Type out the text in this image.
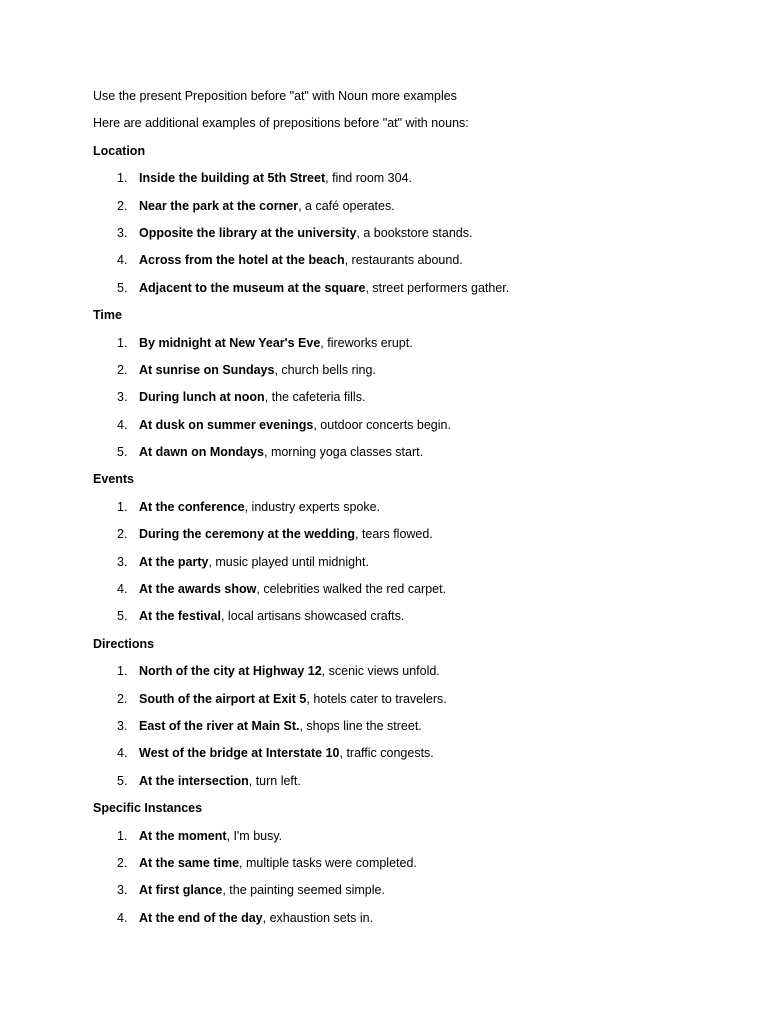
Use the present Preposition before "at" with Noun more examples
Here are additional examples of prepositions before "at" with nouns:
Location
1. Inside the building at 5th Street, find room 304.
2. Near the park at the corner, a café operates.
3. Opposite the library at the university, a bookstore stands.
4. Across from the hotel at the beach, restaurants abound.
5. Adjacent to the museum at the square, street performers gather.
Time
1. By midnight at New Year's Eve, fireworks erupt.
2. At sunrise on Sundays, church bells ring.
3. During lunch at noon, the cafeteria fills.
4. At dusk on summer evenings, outdoor concerts begin.
5. At dawn on Mondays, morning yoga classes start.
Events
1. At the conference, industry experts spoke.
2. During the ceremony at the wedding, tears flowed.
3. At the party, music played until midnight.
4. At the awards show, celebrities walked the red carpet.
5. At the festival, local artisans showcased crafts.
Directions
1. North of the city at Highway 12, scenic views unfold.
2. South of the airport at Exit 5, hotels cater to travelers.
3. East of the river at Main St., shops line the street.
4. West of the bridge at Interstate 10, traffic congests.
5. At the intersection, turn left.
Specific Instances
1. At the moment, I'm busy.
2. At the same time, multiple tasks were completed.
3. At first glance, the painting seemed simple.
4. At the end of the day, exhaustion sets in.
